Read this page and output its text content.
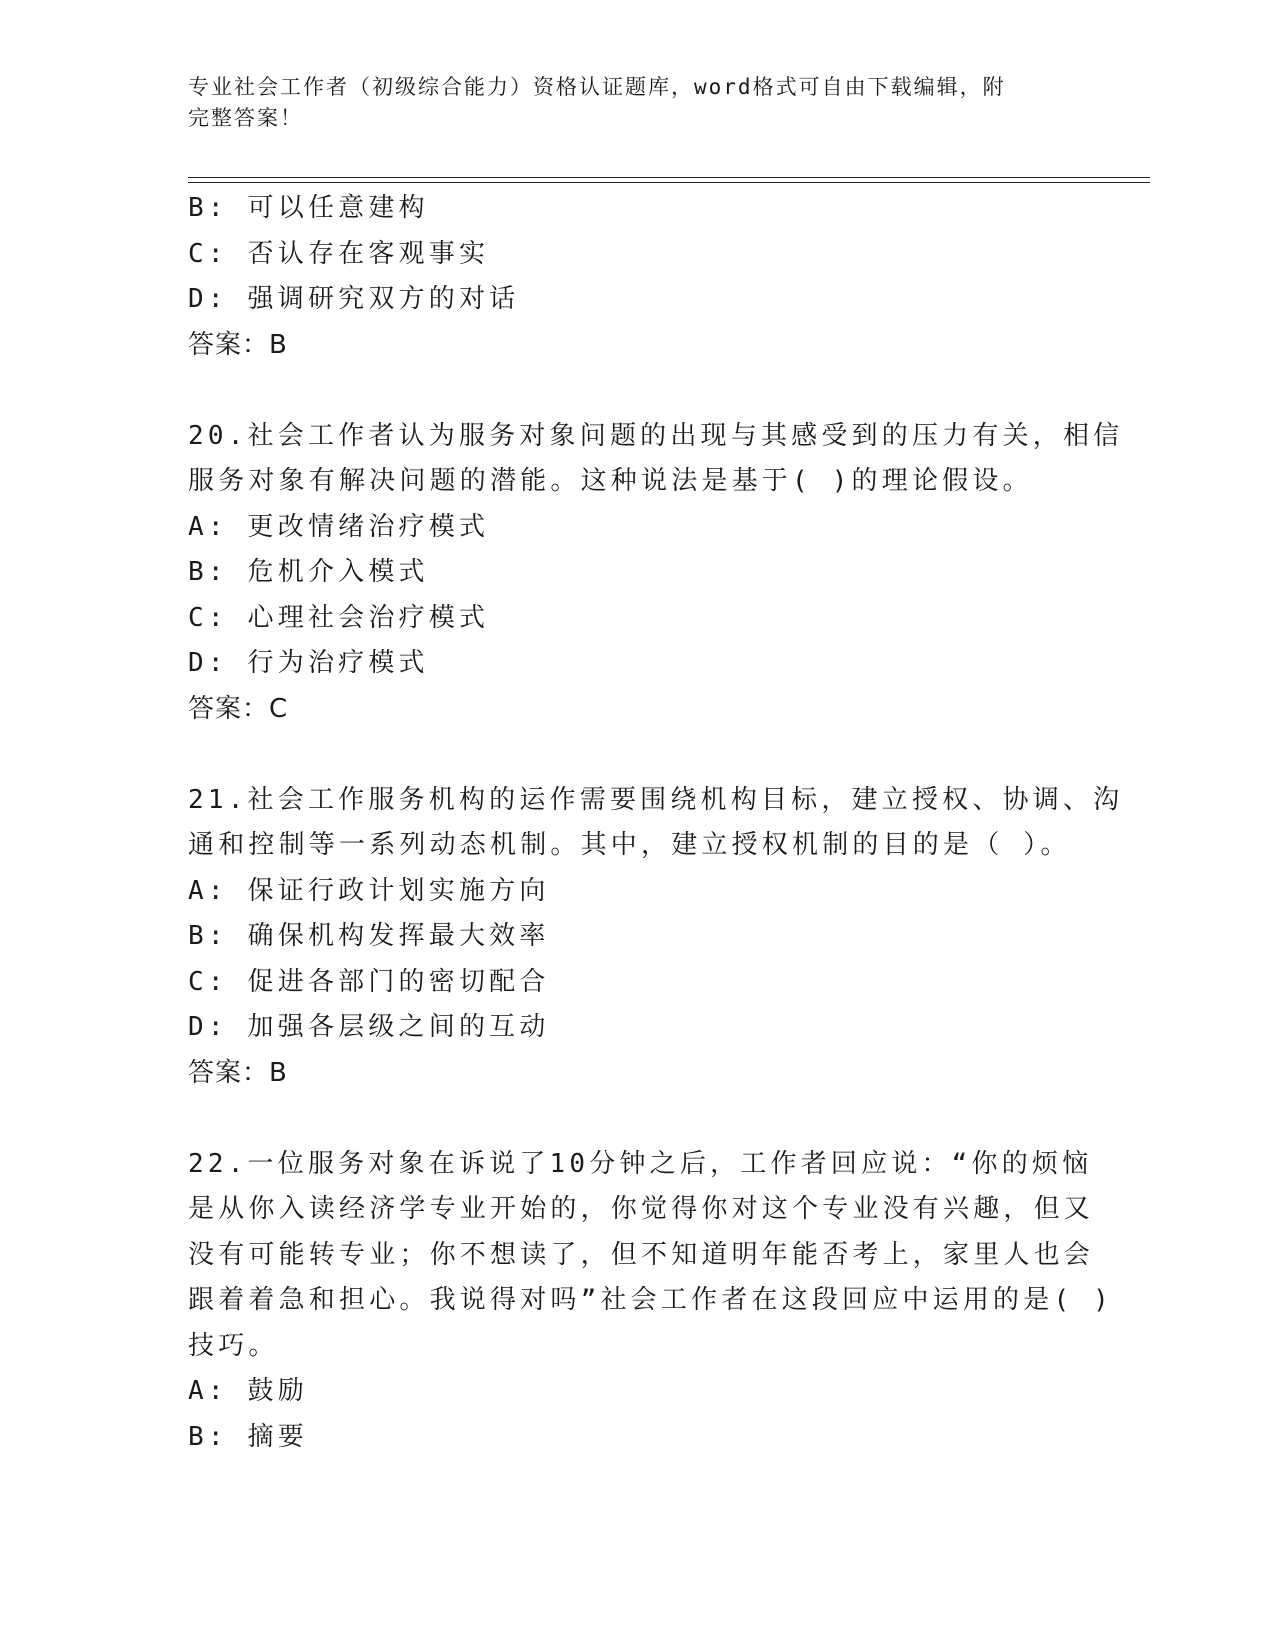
专业社会工作者（初级综合能力）资格认证题库，word格式可自由下载编辑，附
完整答案！
B: 可以任意建构
C: 否认存在客观事实
D: 强调研究双方的对话
答案：B
20.社会工作者认为服务对象问题的出现与其感受到的压力有关，相信
服务对象有解决问题的潜能。这种说法是基于( )的理论假设。
A: 更改情绪治疗模式
B: 危机介入模式
C: 心理社会治疗模式
D: 行为治疗模式
答案：C
21.社会工作服务机构的运作需要围绕机构目标，建立授权、协调、沟
通和控制等一系列动态机制。其中，建立授权机制的目的是（ ）。
A: 保证行政计划实施方向
B: 确保机构发挥最大效率
C: 促进各部门的密切配合
D: 加强各层级之间的互动
答案：B
22.一位服务对象在诉说了10分钟之后，工作者回应说：“你的烦恼
是从你入读经济学专业开始的，你觉得你对这个专业没有兴趣，但又
没有可能转专业；你不想读了，但不知道明年能否考上，家里人也会
跟着着急和担心。我说得对吗”社会工作者在这段回应中运用的是( )
技巧。
A: 鼓励
B: 摘要
